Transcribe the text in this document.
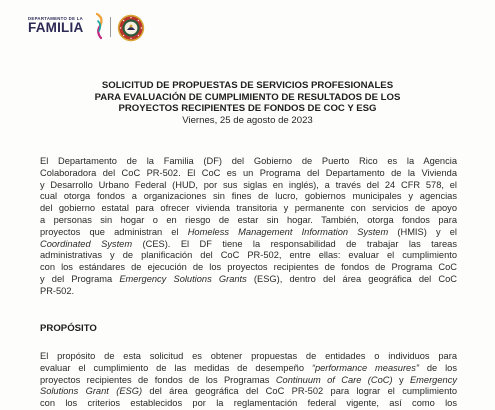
DEPARTAMENTO DE LA
FAMILIA
SOLICITUD DE PROPUESTAS DE SERVICIOS PROFESIONALES
PARA EVALUACIÓN DE CUMPLIMIENTO DE RESULTADOS DE LOS
PROYECTOS RECIPIENTES DE FONDOS DE COC Y ESG
Viernes, 25 de agosto de 2023
El Departamento de la Familia (DF) del Gobierno de Puerto Rico es la Agencia
Colaboradora del CoC PR-502. El CoC es un Programa del Departamento de la Vivienda
y Desarrollo Urbano Federal (HUD, por sus siglas en inglés), a través del 24 CFR 578, el
cual otorga fondos a organizaciones sin fines de lucro, gobiernos municipales y agencias
del gobierno estatal para ofrecer vivienda transitoria y permanente con servicios de apoyo
a personas sin hogar o en riesgo de estar sin hogar. También, otorga fondos para
proyectos que administran el Homeless Management Information System (HMIS) y el
Coordinated System (CES). El DF tiene la responsabilidad de trabajar las tareas
administrativas y de planificación del CoC PR-502, entre ellas: evaluar el cumplimiento
con los estándares de ejecución de los proyectos recipientes de fondos de Programa CoC
y del Programa Emergency Solutions Grants (ESG), dentro del área geográfica del CoC
PR-502.
PROPÓSITO
El propósito de esta solicitud es obtener propuestas de entidades o individuos para
evaluar el cumplimiento de las medidas de desempeño “performance measures” de los
proyectos recipientes de fondos de los Programas Continuum of Care (CoC) y Emergency
Solutions Grant (ESG) del área geográfica del CoC PR-502 para lograr el cumplimiento
con los criterios establecidos por la reglamentación federal vigente, así como los
